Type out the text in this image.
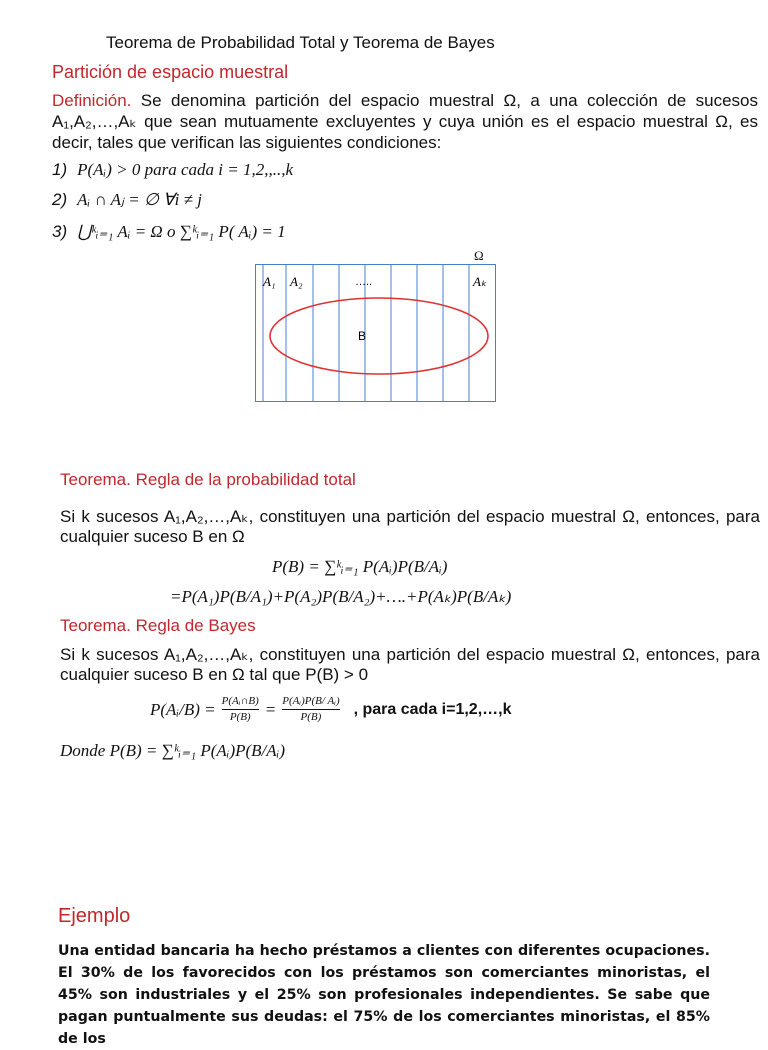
Teorema de Probabilidad Total y Teorema de Bayes
Partición de espacio muestral
Definición. Se denomina partición del espacio muestral Ω, a una colección de sucesos A₁,A₂,…,Aₖ que sean mutuamente excluyentes y cuya unión es el espacio muestral Ω, es decir, tales que verifican las siguientes condiciones:
1) P(Aᵢ) > 0 para cada i = 1,2,,..,k
2) Aᵢ ∩ Aⱼ = ∅ ∀i ≠ j
3) ⋃ᵏᵢ₌₁ Aᵢ = Ω o ∑ᵏᵢ₌₁ P( Aᵢ) = 1
Ω
A₁ A₂	…..	Aₖ
B
Teorema. Regla de la probabilidad total
Si k sucesos A₁,A₂,…,Aₖ, constituyen una partición del espacio muestral Ω, entonces, para cualquier suceso B en Ω
P(B) = ∑ᵏᵢ₌₁ P(Aᵢ)P(B/Aᵢ)
=P(A₁)P(B/A₁)+P(A₂)P(B/A₂)+….+P(Aₖ)P(B/Aₖ)
Teorema. Regla de Bayes
Si k sucesos A₁,A₂,…,Aₖ, constituyen una partición del espacio muestral Ω, entonces, para cualquier suceso B en Ω tal que P(B) > 0
P(Aᵢ/B) = $\frac{\text{P(Aᵢ∩B)}}{P(B)} = \frac{\text{P(Aᵢ)P(B/ Aᵢ)}}{P(B)}$ , para cada i=1,2,…,k
Donde P(B) = ∑ᵏᵢ₌₁ P(Aᵢ)P(B/Aᵢ)
Ejemplo
Una entidad bancaria ha hecho préstamos a clientes con diferentes ocupaciones. El 30% de los favorecidos con los préstamos son comerciantes minoristas, el 45% son industriales y el 25% son profesionales independientes. Se sabe que pagan puntualmente sus deudas: el 75% de los comerciantes minoristas, el 85% de los
